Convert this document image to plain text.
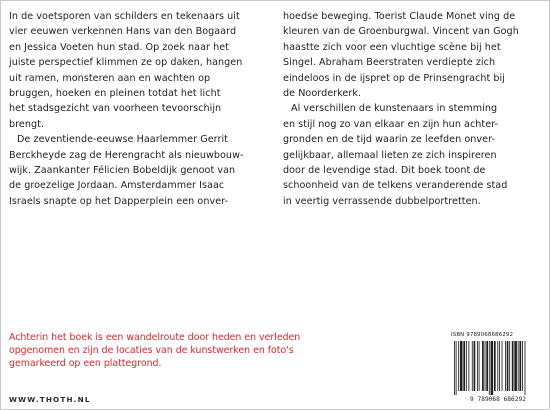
In de voetsporen van schilders en tekenaars uit
vier eeuwen verkennen Hans van den Bogaard
en Jessica Voeten hun stad. Op zoek naar het
juiste perspectief klimmen ze op daken, hangen
uit ramen, monsteren aan en wachten op
bruggen, hoeken en pleinen totdat het licht
het stadsgezicht van voorheen tevoorschijn
brengt.
De zeventiende-eeuwse Haarlemmer Gerrit
Berckheyde zag de Herengracht als nieuwbouw-
wijk. Zaankanter Félicien Bobeldijk genoot van
de groezelige Jordaan. Amsterdammer Isaac
Israels snapte op het Dapperplein een onver-
hoedse beweging. Toerist Claude Monet ving de
kleuren van de Groenburgwal. Vincent van Gogh
haastte zich voor een vluchtige scène bij het
Singel. Abraham Beerstraten verdiepte zich
eindeloos in de ijspret op de Prinsengracht bij
de Noorderkerk.
Al verschillen de kunstenaars in stemming
en stijl nog zo van elkaar en zijn hun achter-
gronden en de tijd waarin ze leefden onver-
gelijkbaar, allemaal lieten ze zich inspireren
door de levendige stad. Dit boek toont de
schoonheid van de telkens veranderende stad
in veertig verrassende dubbelportretten.
Achterin het boek is een wandelroute door heden en verleden
opgenomen en zijn de locaties van de kunstwerken en foto's
gemarkeerd op een plattegrond.
ISBN 9789068686292
9 789068 686292
WWW.THOTH.NL
